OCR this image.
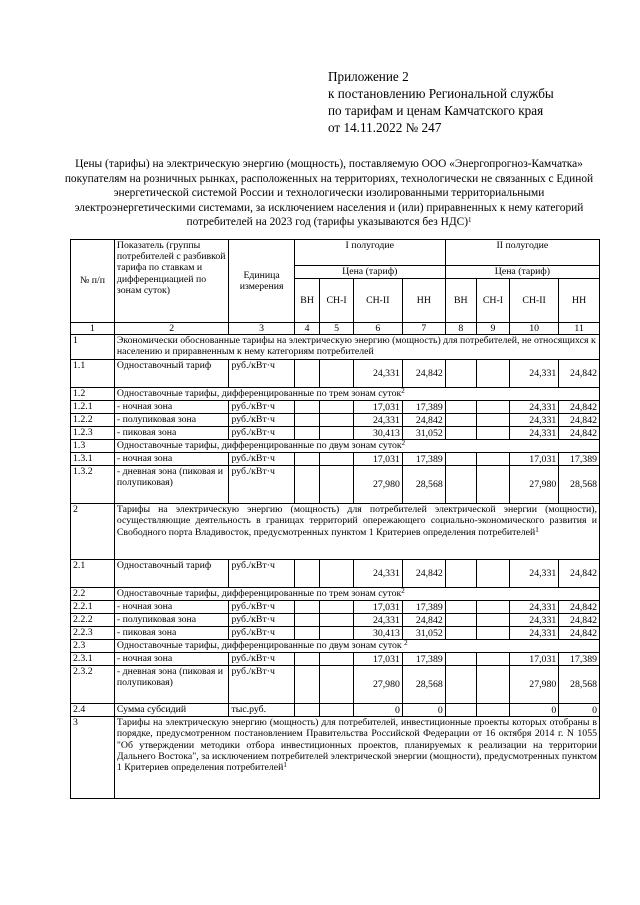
Приложение 2
к постановлению Региональной службы
по тарифам и ценам Камчатского края
от 14.11.2022 № 247
Цены (тарифы) на электрическую энергию (мощность), поставляемую ООО «Энергопрогноз-Камчатка» покупателям на розничных рынках, расположенных на территориях, технологически не связанных с Единой энергетической системой России и технологически изолированными территориальными электроэнергетическими системами, за исключением населения и (или) приравненных к нему категорий потребителей на 2023 год (тарифы указываются без НДС)$^1$
№ п/п	Показатель (группы потребителей с разбивкой тарифа по ставкам и дифференциацией по зонам суток)	Единица измерения	I полугодие				II полугодие			
			Цена (тариф)				Цена (тариф)			
			ВН	СН-I	СН-II	НН	ВН	СН-I	СН-II	НН
1	2	3	4	5	6	7	8	9	10	11
1	Экономически обоснованные тарифы на электрическую энергию (мощность) для потребителей, не относящихся к населению и приравненным к нему категориям потребителей									
1.1	Одноставочный тариф	руб./кВт·ч			24,331	24,842			24,331	24,842
1.2	Одноставочные тарифы, дифференцированные по трем зонам суток$^2$
1.2.1	- ночная зона	руб./кВт·ч			17,031	17,389			24,331	24,842
1.2.2	- полупиковая зона	руб./кВт·ч			24,331	24,842			24,331	24,842
1.2.3	- пиковая зона	руб./кВт·ч			30,413	31,052			24,331	24,842
1.3	Одноставочные тарифы, дифференцированные по двум зонам суток$^2$
1.3.1	- ночная зона	руб./кВт·ч			17,031	17,389			17,031	17,389
1.3.2	- дневная зона (пиковая и полупиковая)	руб./кВт·ч			27,980	28,568			27,980	28,568
2	Тарифы на электрическую энергию (мощность) для потребителей электрической энергии (мощности), осуществляющие деятельность в границах территорий опережающего социально-экономического развития и Свободного порта Владивосток, предусмотренных пунктом 1 Критериев определения потребителей$^1$
2.1	Одноставочный тариф	руб./кВт·ч			24,331	24,842			24,331	24,842
2.2	Одноставочные тарифы, дифференцированные по трем зонам суток$^2$
2.2.1	- ночная зона	руб./кВт·ч			17,031	17,389			24,331	24,842
2.2.2	- полупиковая зона	руб./кВт·ч			24,331	24,842			24,331	24,842
2.2.3	- пиковая зона	руб./кВт·ч			30,413	31,052			24,331	24,842
2.3	Одноставочные тарифы, дифференцированные по двум зонам суток $^2$
2.3.1	- ночная зона	руб./кВт·ч			17,031	17,389			17,031	17,389
2.3.2	- дневная зона (пиковая и полупиковая)	руб./кВт·ч			27,980	28,568			27,980	28,568
2.4	Сумма субсидий	тыс.руб.			0	0			0	0
3	Тарифы на электрическую энергию (мощность) для потребителей, инвестиционные проекты которых отобраны в порядке, предусмотренном постановлением Правительства Российской Федерации от 16 октября 2014 г. N 1055 "Об утверждении методики отбора инвестиционных проектов, планируемых к реализации на территории Дальнего Востока", за исключением потребителей электрической энергии (мощности), предусмотренных пунктом 1 Критериев определения потребителей$^1$
